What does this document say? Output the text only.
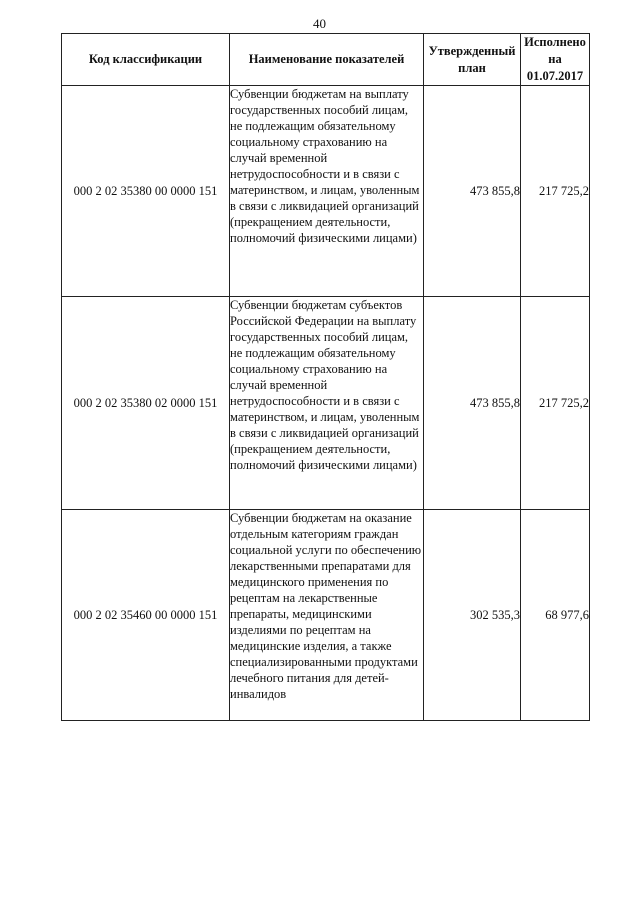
40
Код классификации	Наименование показателей	Утвержденный план	Исполнено на 01.07.2017
000 2 02 35380 00 0000 151	Субвенции бюджетам на выплату государственных пособий лицам, не подлежащим обязательному социальному страхованию на случай временной нетрудоспособности и в связи с материнством, и лицам, уволенным в связи с ликвидацией организаций (прекращением деятельности, полномочий физическими лицами)	473 855,8	217 725,2
000 2 02 35380 02 0000 151	Субвенции бюджетам субъектов Российской Федерации на выплату государственных пособий лицам, не подлежащим обязательному социальному страхованию на случай временной нетрудоспособности и в связи с материнством, и лицам, уволенным в связи с ликвидацией организаций (прекращением деятельности, полномочий физическими лицами)	473 855,8	217 725,2
000 2 02 35460 00 0000 151	Субвенции бюджетам на оказание отдельным категориям граждан социальной услуги по обеспечению лекарственными препаратами для медицинского применения по рецептам на лекарственные препараты, медицинскими изделиями по рецептам на медицинские изделия, а также специализированными продуктами лечебного питания для детей-инвалидов	302 535,3	68 977,6
